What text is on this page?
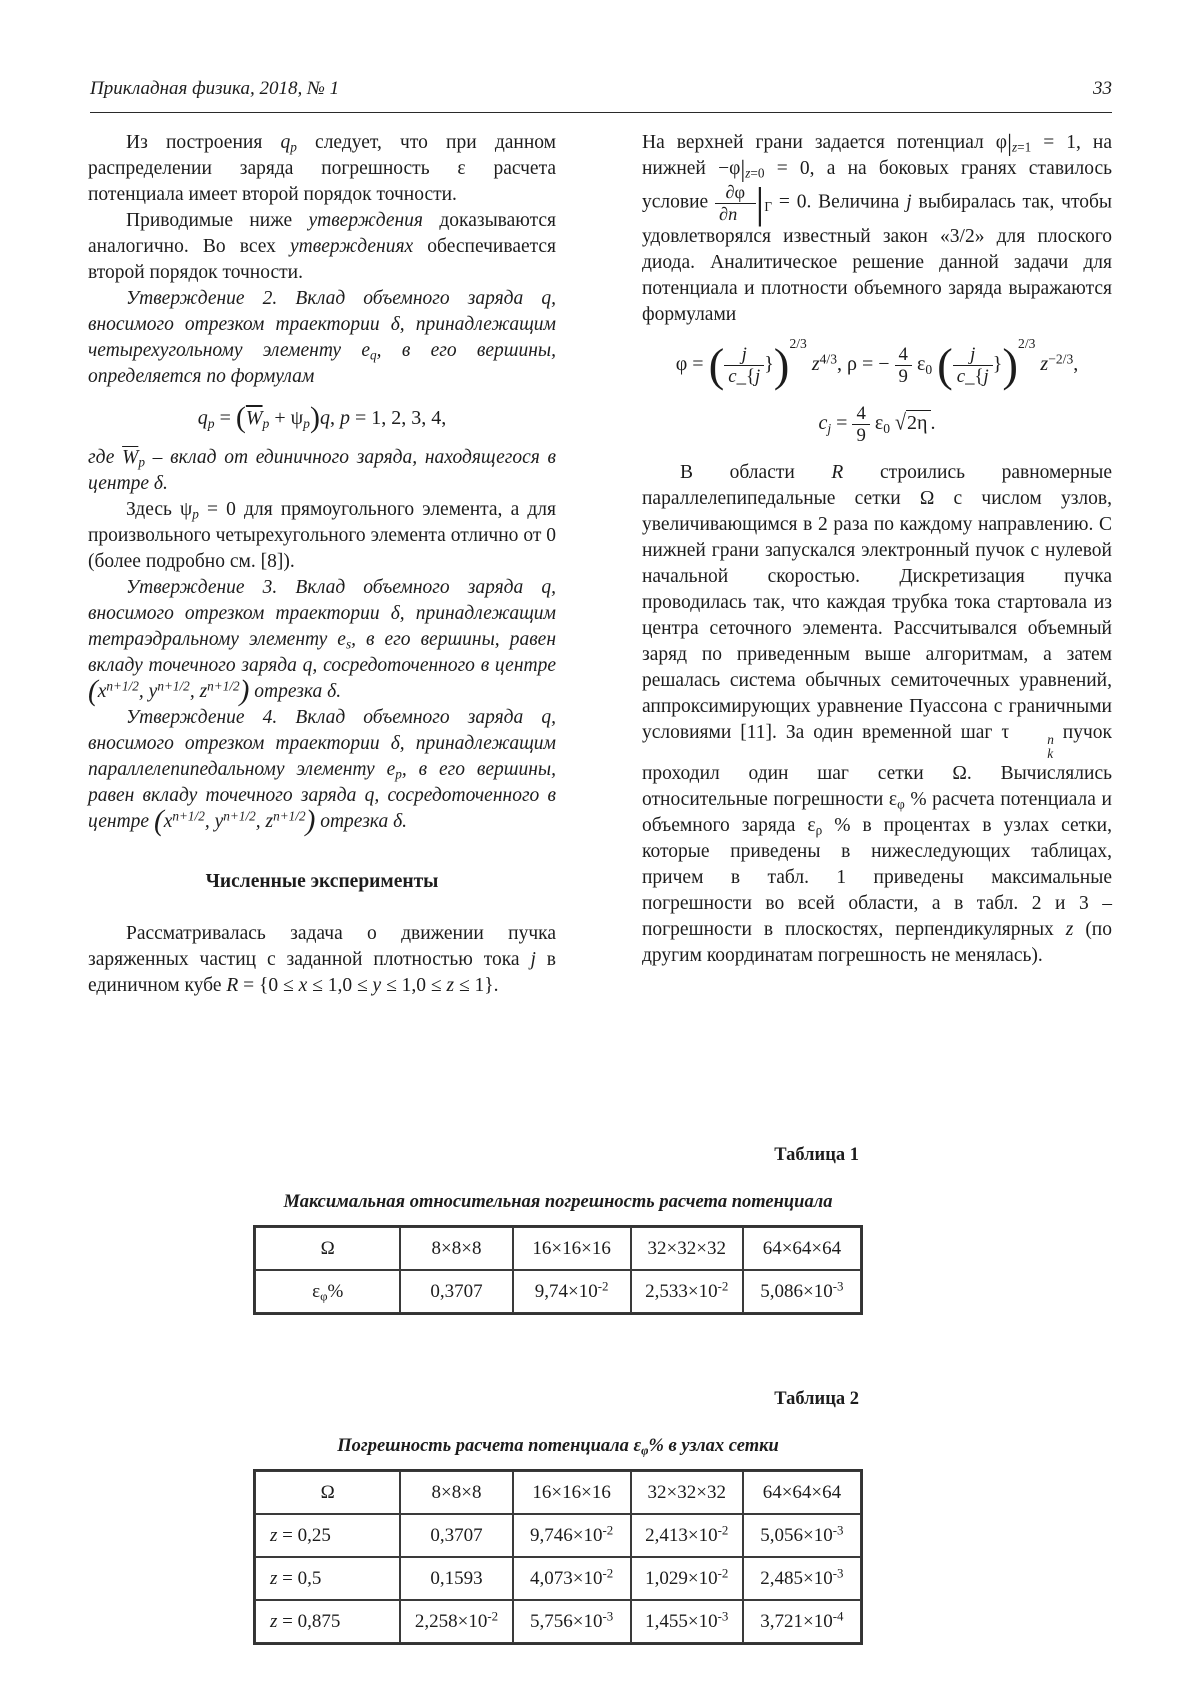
Прикладная физика, 2018, № 1	33

Из построения $q_p$ следует, что при данном распределении заряда погрешность ε расчета потенциала имеет второй порядок точности.

Приводимые ниже утверждения доказываются аналогично. Во всех утверждениях обеспечивается второй порядок точности.

Утверждение 2. Вклад объемного заряда q, вносимого отрезком траектории δ, принадлежащим четырехугольному элементу $e_q$, в его вершины, определяется по формулам

$q_p = (\overline{W}_p + \psi_p)q$, p = 1, 2, 3, 4,

где $\overline{W}_p$ – вклад от единичного заряда, находящегося в центре δ.

Здесь $\psi_p = 0$ для прямоугольного элемента, а для произвольного четырехугольного элемента отлично от 0 (более подробно см. [8]).

Утверждение 3. Вклад объемного заряда q, вносимого отрезком траектории δ, принадлежащим тетраэдральному элементу $e_s$, в его вершины, равен вкладу точечного заряда q, сосредоточенного в центре ($x^{n+1/2}$, $y^{n+1/2}$, $z^{n+1/2}$) отрезка δ.

Утверждение 4. Вклад объемного заряда q, вносимого отрезком траектории δ, принадлежащим параллелепипедальному элементу $e_p$, в его вершины, равен вкладу точечного заряда q, сосредоточенного в центре ($x^{n+1/2}$, $y^{n+1/2}$, $z^{n+1/2}$) отрезка δ.

Численные эксперименты

Рассматривалась задача о движении пучка заряженных частиц с заданной плотностью тока j в единичном кубе R = {0 ≤ x ≤ 1,0 ≤ y ≤ 1,0 ≤ z ≤ 1}.

На верхней грани задается потенциал $\varphi|_{z=1} = 1$, на нижней $-\varphi|_{z=0} = 0$, а на боковых гранях ставилось условие $\frac{\partial\varphi}{\partial n⃗} |_\Gamma = 0$. Величина j выбиралась так, чтобы удовлетворялся известный закон «3/2» для плоского диода. Аналитическое решение данной задачи для потенциала и плотности объемного заряда выражаются формулами

φ = ( $\frac{j}{c\_\{j} \})^{2/3}$ $z^{4/3}$, ρ = − $\frac{4}{9} \varepsilon_0$ ( $\frac{j}{c\_\{j} \})^{2/3}$ $z^{-2/3}$,
$c_j = \frac{4}{9} \varepsilon_0$ √2η .

В области R строились равномерные параллелепипедальные сетки Ω с числом узлов, увеличивающимся в 2 раза по каждому направлению. С нижней грани запускался электронный пучок с нулевой начальной скоростью. Дискретизация пучка проводилась так, что каждая трубка тока стартовала из центра сеточного элемента. Рассчитывался объемный заряд по приведенным выше алгоритмам, а затем решалась система обычных семиточечных уравнений, аппроксимирующих уравнение Пуассона с граничными условиями [11]. За один временной шаг τ	n
k
пучок проходил один шаг сетки Ω. Вычислялись относительные погрешности $\varepsilon_\varphi$ % расчета потенциала и объемного заряда $\varepsilon_\rho$ % в процентах в узлах сетки, которые приведены в нижеследующих таблицах, причем в табл. 1 приведены максимальные погрешности во всей области, а в табл. 2 и 3 – погрешности в плоскостях, перпендикулярных z (по другим координатам погрешность не менялась).

Таблица 1
Максимальная относительная погрешность расчета потенциала
Ω	8×8×8	16×16×16	32×32×32	64×64×64
$\varepsilon_\varphi\%$	0,3707	$9,74\times 10^{-2}$	$2,533\times 10^{-2}$	$5,086\times 10^{-3}$
Таблица 2
Погрешность расчета потенциала $\varepsilon_\varphi\%$ в узлах сетки
Ω	8×8×8	16×16×16	32×32×32	64×64×64
z = 0,25	0,3707	$9,746\times 10^{-2}$	$2,413\times 10^{-2}$	$5,056\times 10^{-3}$
z = 0,5	0,1593	$4,073\times 10^{-2}$	$1,029\times 10^{-2}$	$2,485\times 10^{-3}$
z = 0,875	$2,258\times 10^{-2}$	$5,756\times 10^{-3}$	$1,455\times 10^{-3}$	$3,721\times 10^{-4}$
